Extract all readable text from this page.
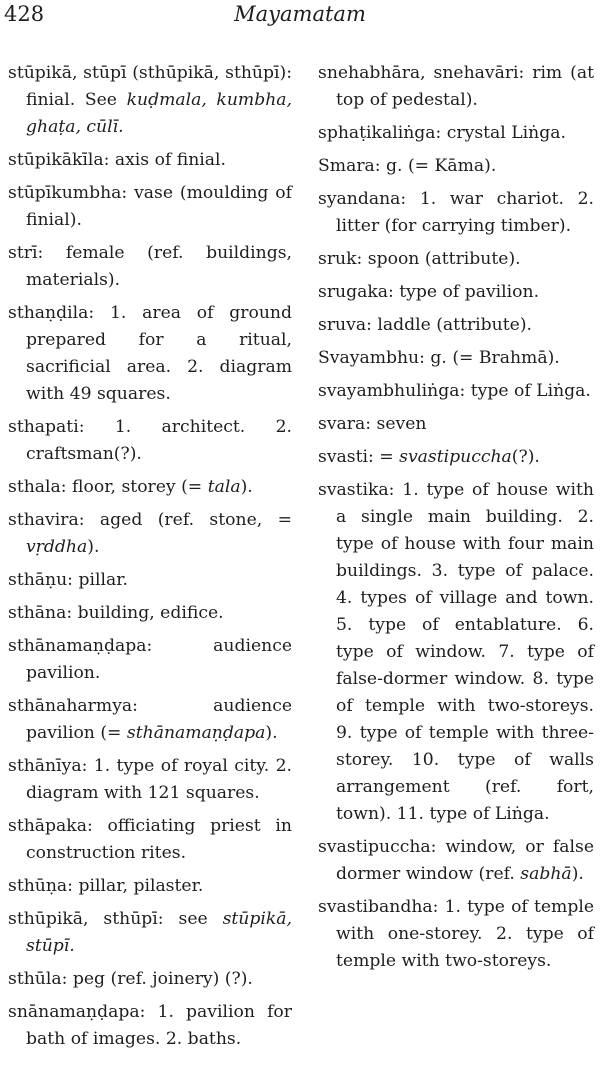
428	Mayamatam

stūpikā, stūpī (sthūpikā, sthūpī): finial. See kuḍmala, kumbha, ghaṭa, cūlī.

stūpikākīla: axis of finial.

stūpīkumbha: vase (moulding of finial).

strī: female (ref. buildings, materials).

sthaṇḍila: 1. area of ground prepared for a ritual, sacrificial area. 2. diagram with 49 squares.

sthapati: 1. architect. 2. craftsman(?).

sthala: floor, storey (= tala).

sthavira: aged (ref. stone, = vṛddha).

sthāṇu: pillar.

sthāna: building, edifice.

sthānamaṇḍapa: audience pavilion.

sthānaharmya: audience pavilion (= sthānamaṇḍapa).

sthānīya: 1. type of royal city. 2. diagram with 121 squares.

sthāpaka: officiating priest in construction rites.

sthūṇa: pillar, pilaster.

sthūpikā, sthūpī: see stūpikā, stūpī.

sthūla: peg (ref. joinery) (?).

snānamaṇḍapa: 1. pavilion for bath of images. 2. baths.

snehabhāra, snehavāri: rim (at top of pedestal).

sphaṭikaliṅga: crystal Liṅga.

Smara: g. (= Kāma).

syandana: 1. war chariot. 2. litter (for carrying timber).

sruk: spoon (attribute).

srugaka: type of pavilion.

sruva: laddle (attribute).

Svayambhu: g. (= Brahmā).

svayambhuliṅga: type of Liṅga.

svara: seven

svasti: = svastipuccha(?).

svastika: 1. type of house with a single main building. 2. type of house with four main buildings. 3. type of palace. 4. types of village and town. 5. type of entablature. 6. type of window. 7. type of false-dormer window. 8. type of temple with two-storeys. 9. type of temple with three-storey. 10. type of walls arrangement (ref. fort, town). 11. type of Liṅga.

svastipuccha: window, or false dormer window (ref. sabhā).

svastibandha: 1. type of temple with one-storey. 2. type of temple with two-storeys.
